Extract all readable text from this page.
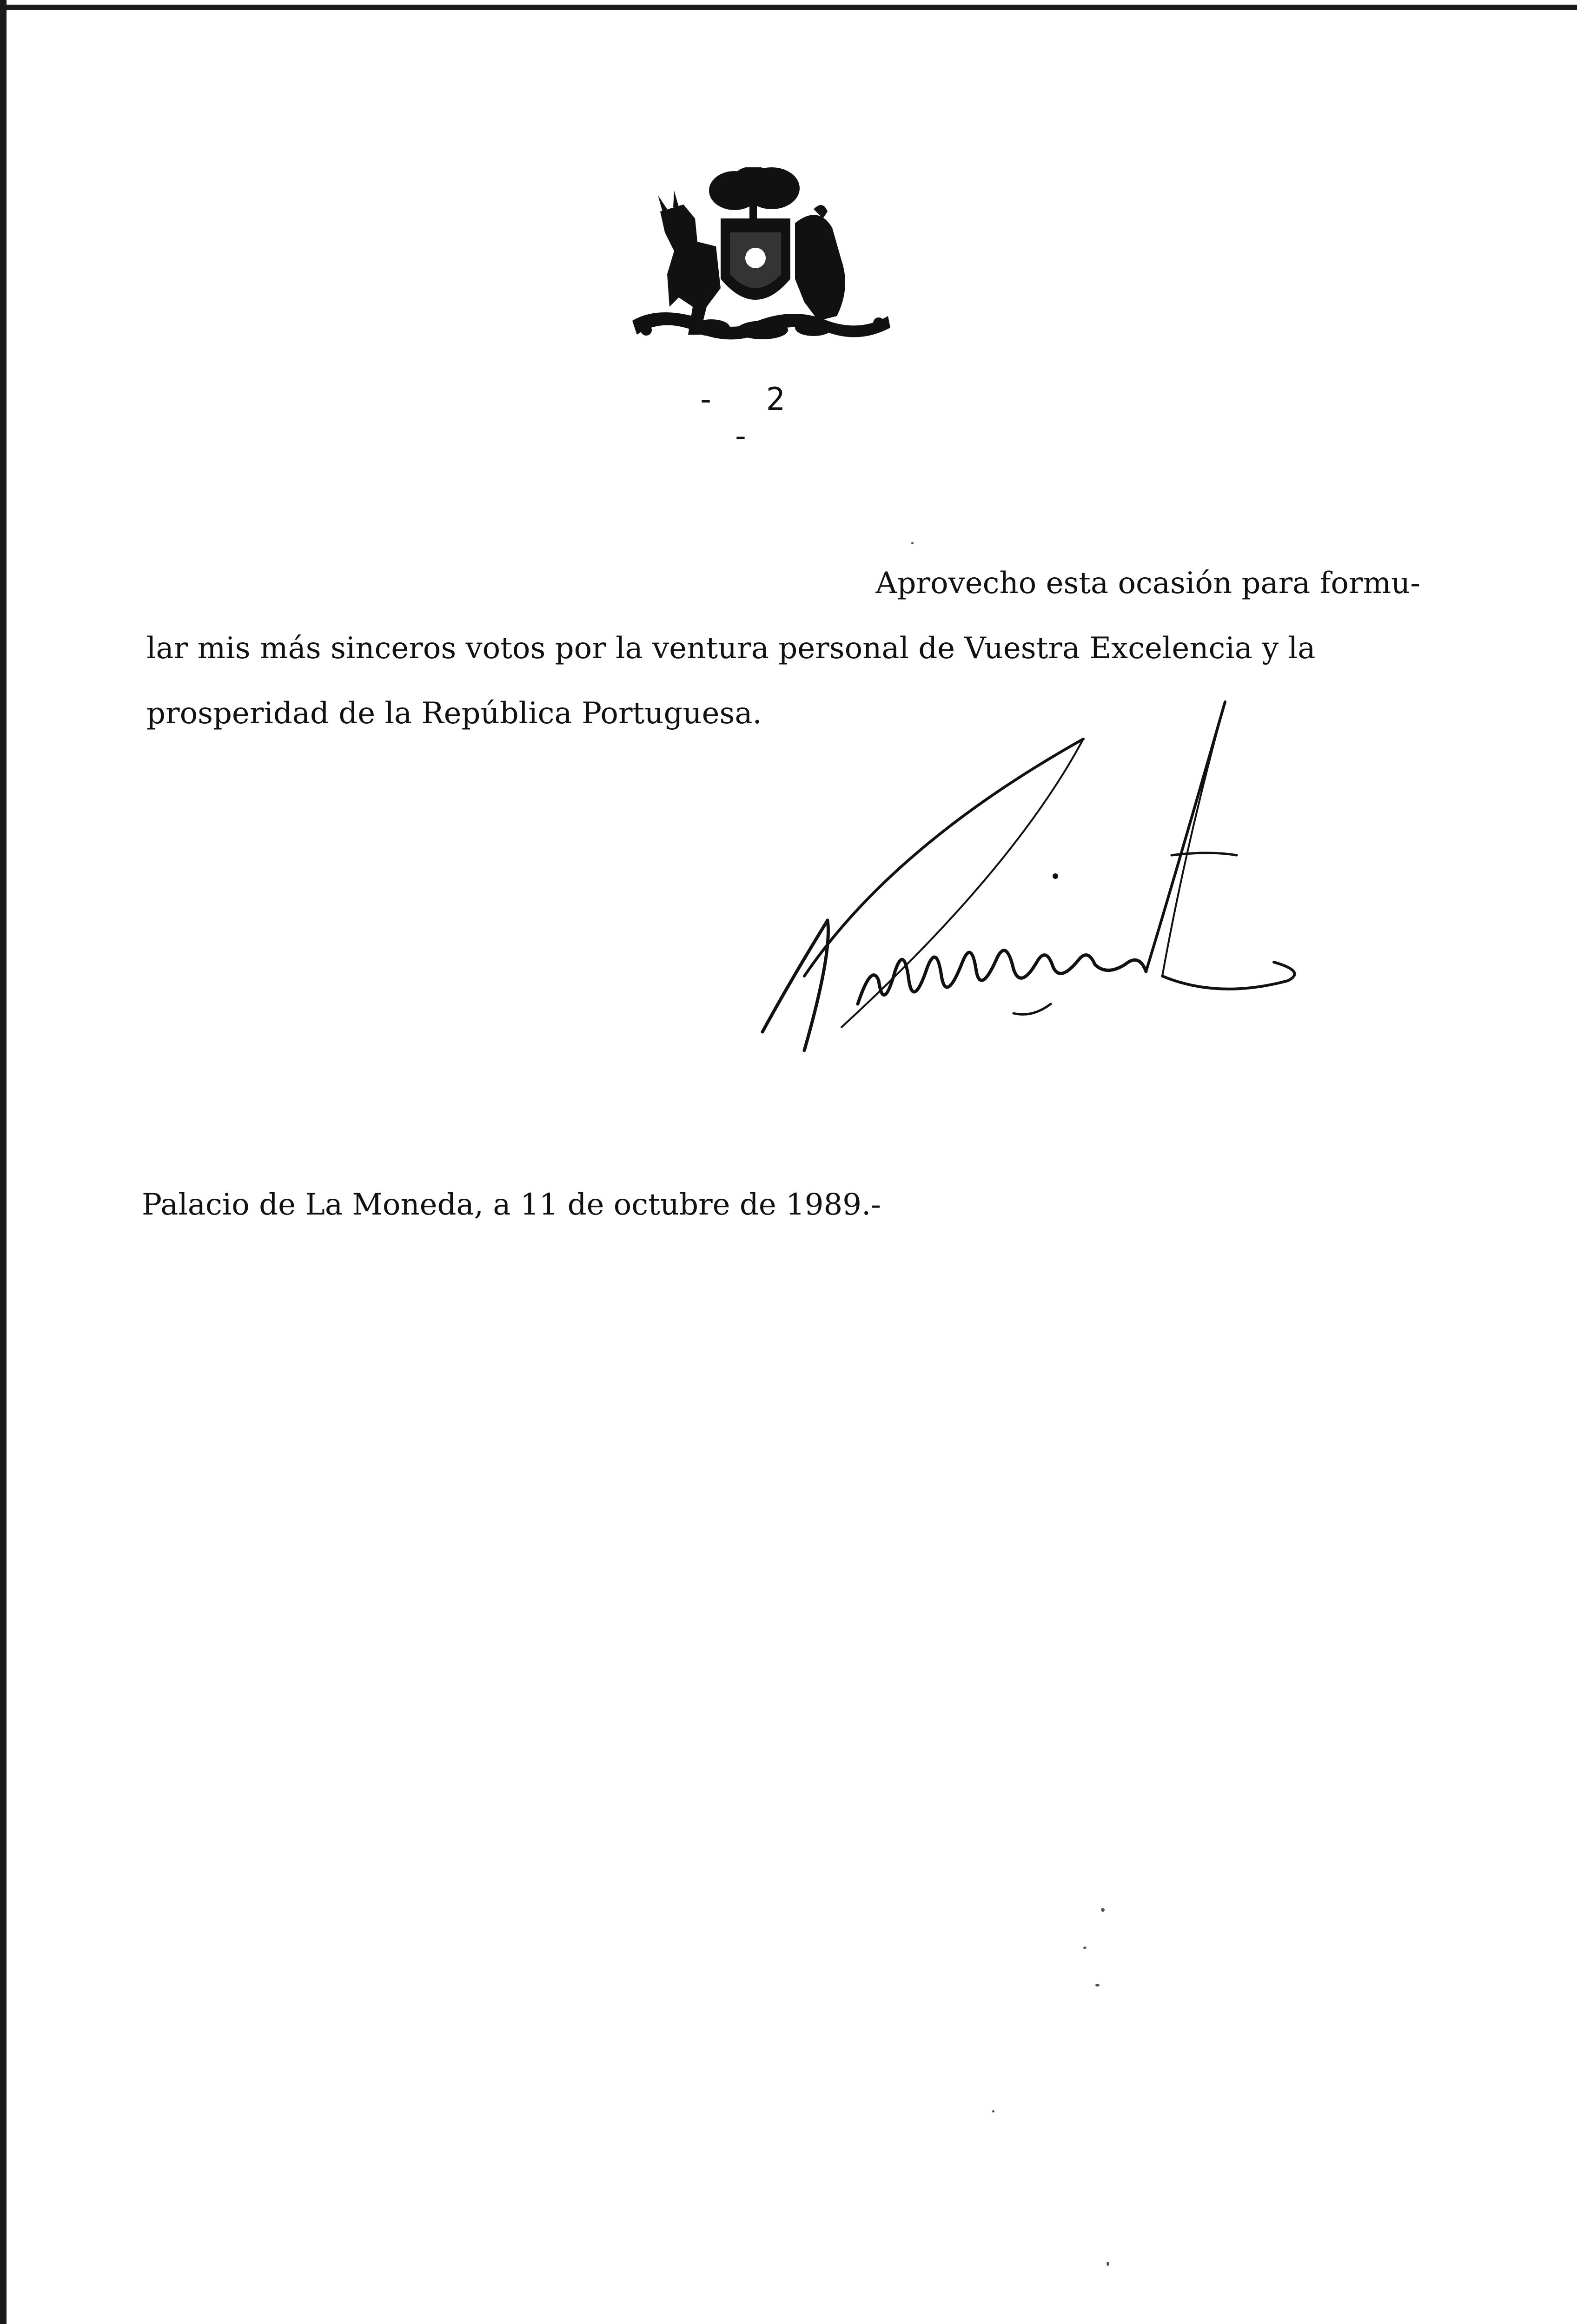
- 2 -
Aprovecho esta ocasión para formu-
lar mis más sinceros votos por la ventura personal de Vuestra Excelencia y la
prosperidad de la República Portuguesa.
Palacio de La Moneda, a 11 de octubre de 1989.-
